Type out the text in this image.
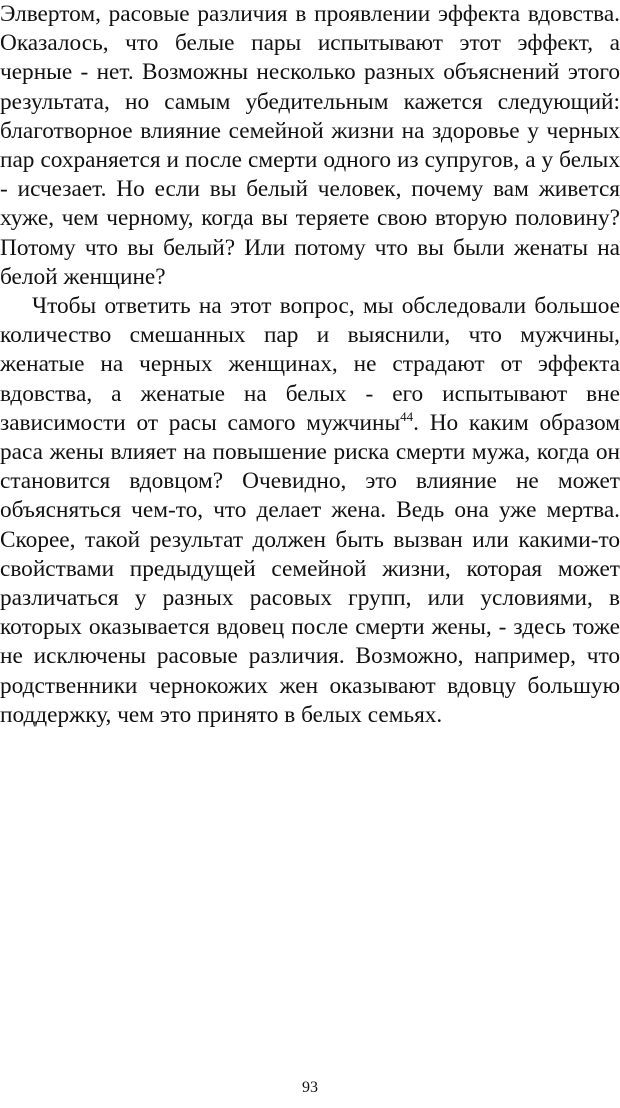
Элвертом, расовые различия в проявлении эффекта вдовства. Оказалось, что белые пары испытывают этот эффект, а черные - нет. Возможны несколько разных объяснений этого результата, но самым убедительным кажется следующий: благотворное влияние семейной жизни на здоровье у черных пар сохраняется и после смерти одного из супругов, а у белых - исчезает. Но если вы белый человек, почему вам живется хуже, чем черному, когда вы теряете свою вторую половину? Потому что вы белый? Или потому что вы были женаты на белой женщине?

Чтобы ответить на этот вопрос, мы обследовали большое количество смешанных пар и выяснили, что мужчины, женатые на черных женщинах, не страдают от эффекта вдовства, а женатые на белых - его испытывают вне зависимости от расы самого мужчины$^{44}$. Но каким образом раса жены влияет на повышение риска смерти мужа, когда он становится вдовцом? Очевидно, это влияние не может объясняться чем-то, что делает жена. Ведь она уже мертва. Скорее, такой результат должен быть вызван или какими-то свойствами предыдущей семейной жизни, которая может различаться у разных расовых групп, или условиями, в которых оказывается вдовец после смерти жены, - здесь тоже не исключены расовые различия. Возможно, например, что родственники чернокожих жен оказывают вдовцу большую поддержку, чем это принято в белых семьях.

93
